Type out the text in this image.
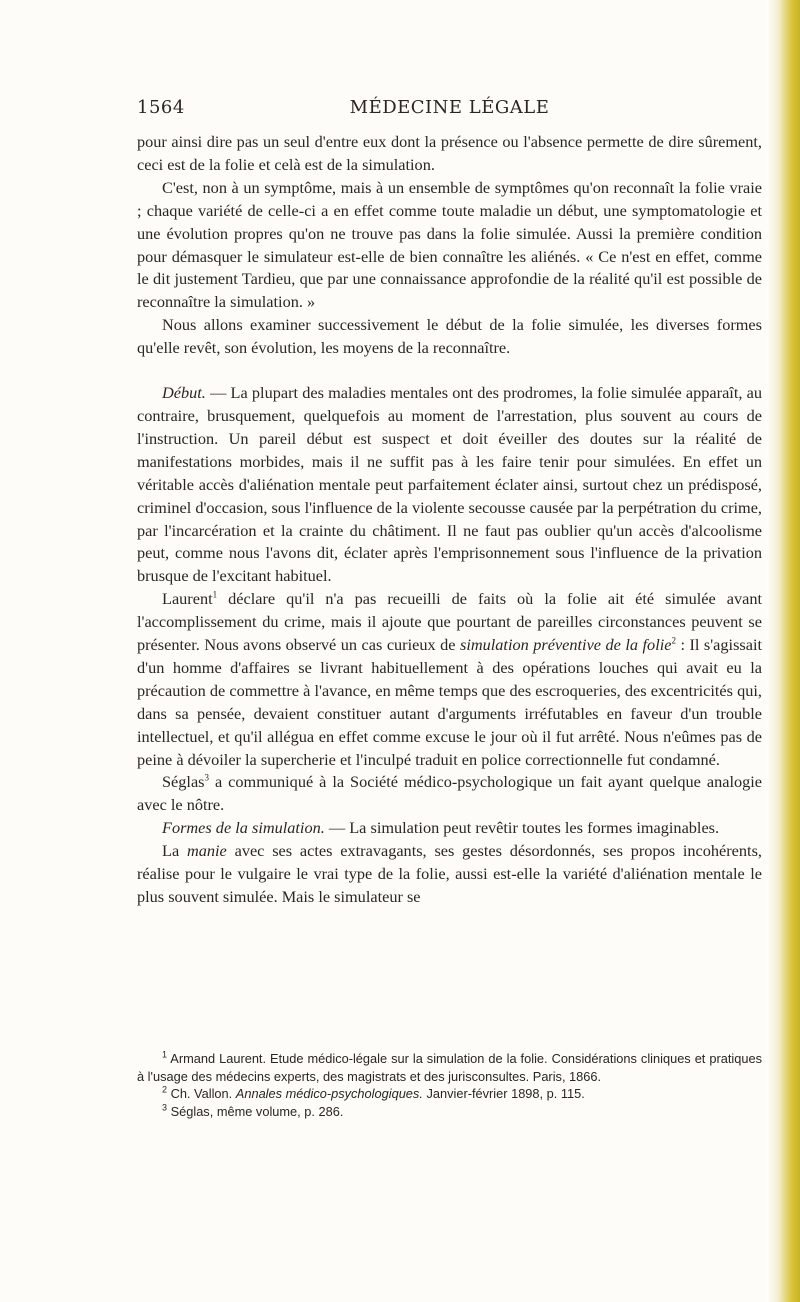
1564	MÉDECINE LÉGALE

pour ainsi dire pas un seul d'entre eux dont la présence ou l'absence permette de dire sûrement, ceci est de la folie et celà est de la simulation.

C'est, non à un symptôme, mais à un ensemble de symptômes qu'on reconnaît la folie vraie ; chaque variété de celle-ci a en effet comme toute maladie un début, une symptomatologie et une évolution propres qu'on ne trouve pas dans la folie simulée. Aussi la première condition pour démasquer le simulateur est-elle de bien connaître les aliénés. « Ce n'est en effet, comme le dit justement Tardieu, que par une connaissance approfondie de la réalité qu'il est possible de reconnaître la simulation. »

Nous allons examiner successivement le début de la folie simulée, les diverses formes qu'elle revêt, son évolution, les moyens de la reconnaître.

Début. — La plupart des maladies mentales ont des prodromes, la folie simulée apparaît, au contraire, brusquement, quelquefois au moment de l'arrestation, plus souvent au cours de l'instruction. Un pareil début est suspect et doit éveiller des doutes sur la réalité de manifestations morbides, mais il ne suffit pas à les faire tenir pour simulées. En effet un véritable accès d'aliénation mentale peut parfaitement éclater ainsi, surtout chez un prédisposé, criminel d'occasion, sous l'influence de la violente secousse causée par la perpétration du crime, par l'incarcération et la crainte du châtiment. Il ne faut pas oublier qu'un accès d'alcoolisme peut, comme nous l'avons dit, éclater après l'emprisonnement sous l'influence de la privation brusque de l'excitant habituel.

Laurent$^1$ déclare qu'il n'a pas recueilli de faits où la folie ait été simulée avant l'accomplissement du crime, mais il ajoute que pourtant de pareilles circonstances peuvent se présenter. Nous avons observé un cas curieux de simulation préventive de la folie$^2$ : Il s'agissait d'un homme d'affaires se livrant habituellement à des opérations louches qui avait eu la précaution de commettre à l'avance, en même temps que des escroqueries, des excentricités qui, dans sa pensée, devaient constituer autant d'arguments irréfutables en faveur d'un trouble intellectuel, et qu'il allégua en effet comme excuse le jour où il fut arrêté. Nous n'eûmes pas de peine à dévoiler la supercherie et l'inculpé traduit en police correctionnelle fut condamné.

Séglas$^3$ a communiqué à la Société médico-psychologique un fait ayant quelque analogie avec le nôtre.

Formes de la simulation. — La simulation peut revêtir toutes les formes imaginables.

La manie avec ses actes extravagants, ses gestes désordonnés, ses propos incohérents, réalise pour le vulgaire le vrai type de la folie, aussi est-elle la variété d'aliénation mentale le plus souvent simulée. Mais le simulateur se

$^1$ Armand Laurent. Etude médico-légale sur la simulation de la folie. Considérations cliniques et pratiques à l'usage des médecins experts, des magistrats et des jurisconsultes. Paris, 1866.

$^2$ Ch. Vallon. Annales médico-psychologiques. Janvier-février 1898, p. 115.

$^3$ Séglas, même volume, p. 286.
